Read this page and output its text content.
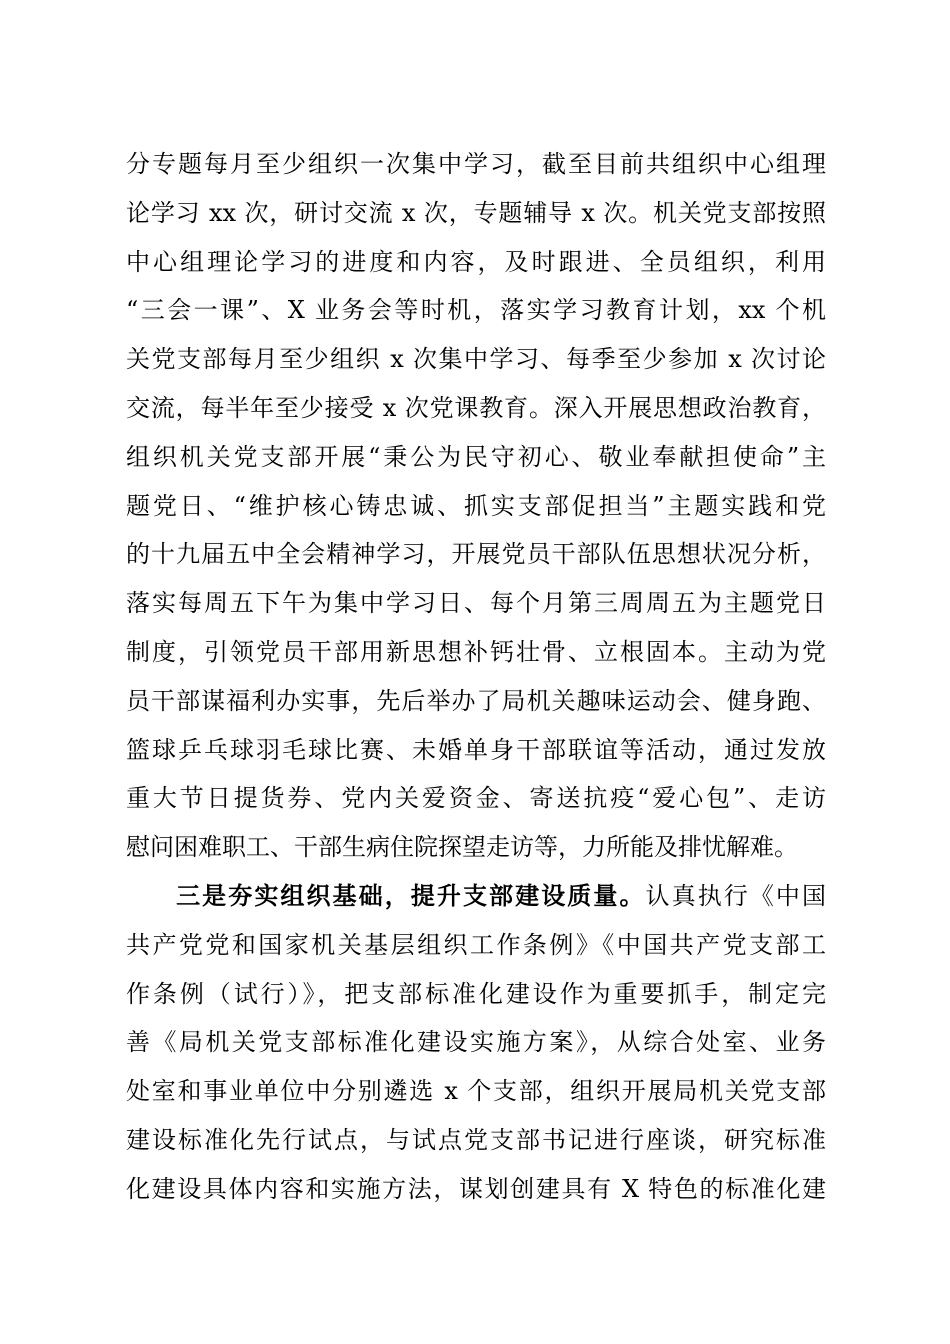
分专题每月至少组织一次集中学习，截至目前共组织中心组理
论学习 xx 次，研讨交流 x 次，专题辅导 x 次。机关党支部按照
中心组理论学习的进度和内容，及时跟进、全员组织，利用
“三会一课”、X 业务会等时机，落实学习教育计划，xx 个机
关党支部每月至少组织 x 次集中学习、每季至少参加 x 次讨论
交流，每半年至少接受 x 次党课教育。深入开展思想政治教育，
组织机关党支部开展“秉公为民守初心、敬业奉献担使命”主
题党日、“维护核心铸忠诚、抓实支部促担当”主题实践和党
的十九届五中全会精神学习，开展党员干部队伍思想状况分析，
落实每周五下午为集中学习日、每个月第三周周五为主题党日
制度，引领党员干部用新思想补钙壮骨、立根固本。主动为党
员干部谋福利办实事，先后举办了局机关趣味运动会、健身跑、
篮球乒乓球羽毛球比赛、未婚单身干部联谊等活动，通过发放
重大节日提货券、党内关爱资金、寄送抗疫“爱心包”、走访
慰问困难职工、干部生病住院探望走访等，力所能及排忧解难。
三是夯实组织基础，提升支部建设质量。认真执行《中国
共产党党和国家机关基层组织工作条例》《中国共产党支部工
作条例（试行）》，把支部标准化建设作为重要抓手，制定完
善《局机关党支部标准化建设实施方案》，从综合处室、业务
处室和事业单位中分别遴选 x 个支部，组织开展局机关党支部
建设标准化先行试点，与试点党支部书记进行座谈，研究标准
化建设具体内容和实施方法，谋划创建具有 X 特色的标准化建
